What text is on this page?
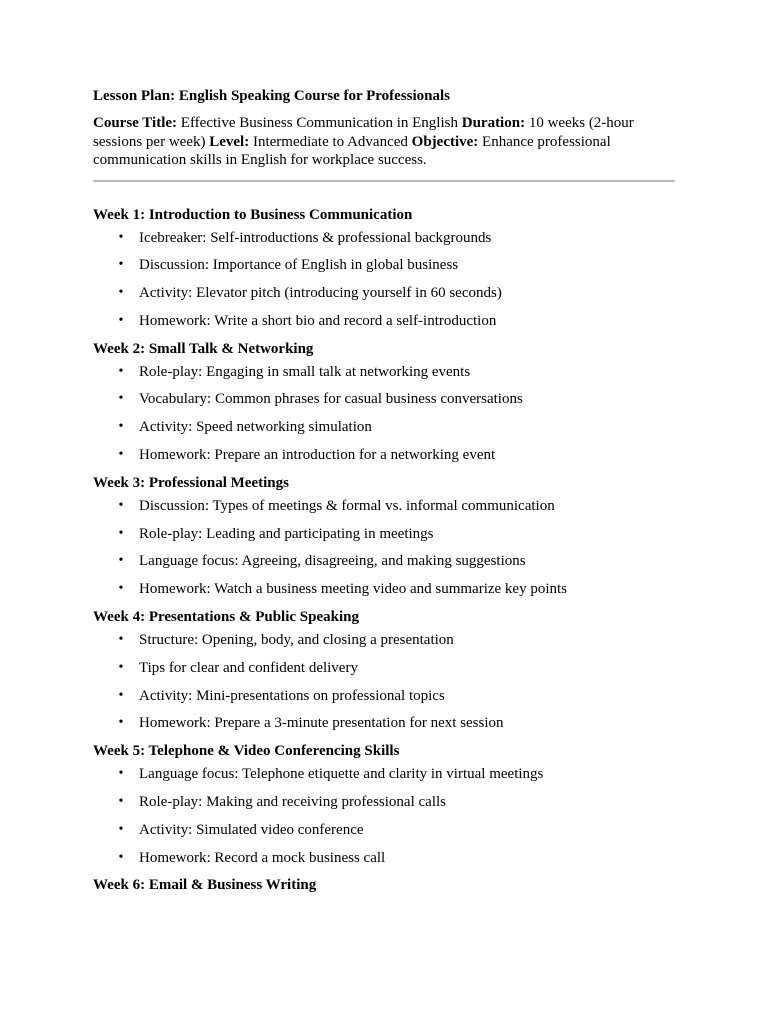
Lesson Plan: English Speaking Course for Professionals

Course Title: Effective Business Communication in English Duration: 10 weeks (2-hour sessions per week) Level: Intermediate to Advanced Objective: Enhance professional communication skills in English for workplace success.

Week 1: Introduction to Business Communication

• Icebreaker: Self-introductions & professional backgrounds
• Discussion: Importance of English in global business
• Activity: Elevator pitch (introducing yourself in 60 seconds)
• Homework: Write a short bio and record a self-introduction

Week 2: Small Talk & Networking

• Role-play: Engaging in small talk at networking events
• Vocabulary: Common phrases for casual business conversations
• Activity: Speed networking simulation
• Homework: Prepare an introduction for a networking event

Week 3: Professional Meetings

• Discussion: Types of meetings & formal vs. informal communication
• Role-play: Leading and participating in meetings
• Language focus: Agreeing, disagreeing, and making suggestions
• Homework: Watch a business meeting video and summarize key points

Week 4: Presentations & Public Speaking

• Structure: Opening, body, and closing a presentation
• Tips for clear and confident delivery
• Activity: Mini-presentations on professional topics
• Homework: Prepare a 3-minute presentation for next session

Week 5: Telephone & Video Conferencing Skills

• Language focus: Telephone etiquette and clarity in virtual meetings
• Role-play: Making and receiving professional calls
• Activity: Simulated video conference
• Homework: Record a mock business call

Week 6: Email & Business Writing
